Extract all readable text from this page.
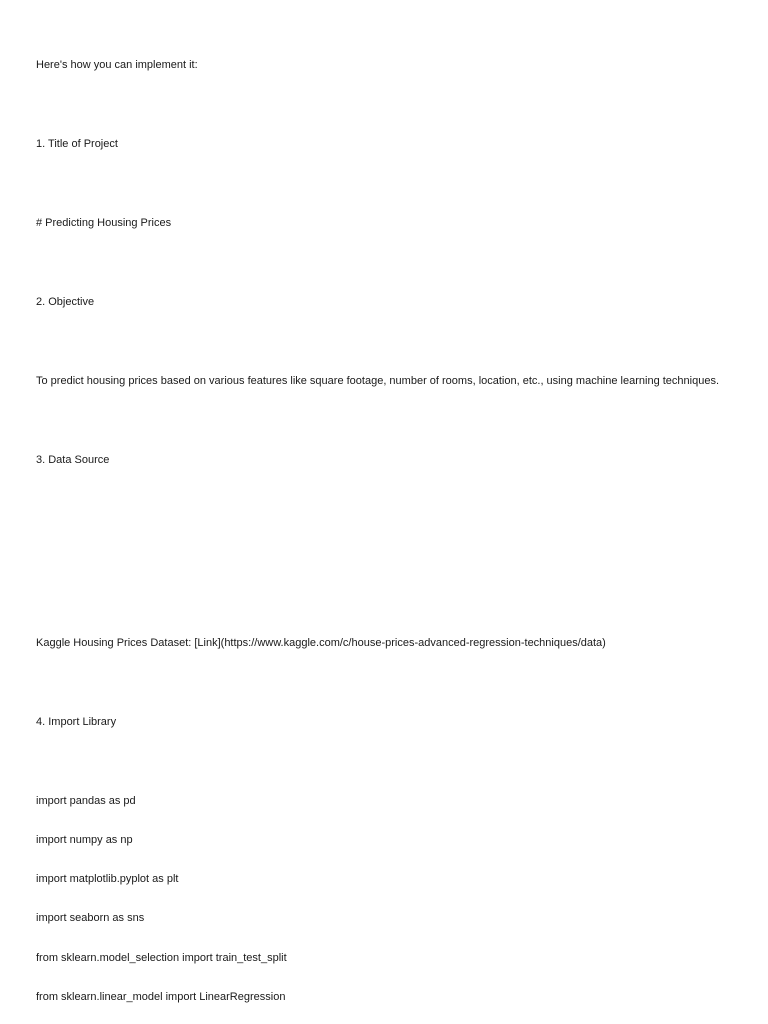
Here's how you can implement it:

1. Title of Project

# Predicting Housing Prices

2. Objective

To predict housing prices based on various features like square footage, number of rooms, location, etc., using machine learning techniques.

3. Data Source

Kaggle Housing Prices Dataset: [Link](https://www.kaggle.com/c/house-prices-advanced-regression-techniques/data)

4. Import Library

import pandas as pd

import numpy as np

import matplotlib.pyplot as plt

import seaborn as sns

from sklearn.model_selection import train_test_split

from sklearn.linear_model import LinearRegression
